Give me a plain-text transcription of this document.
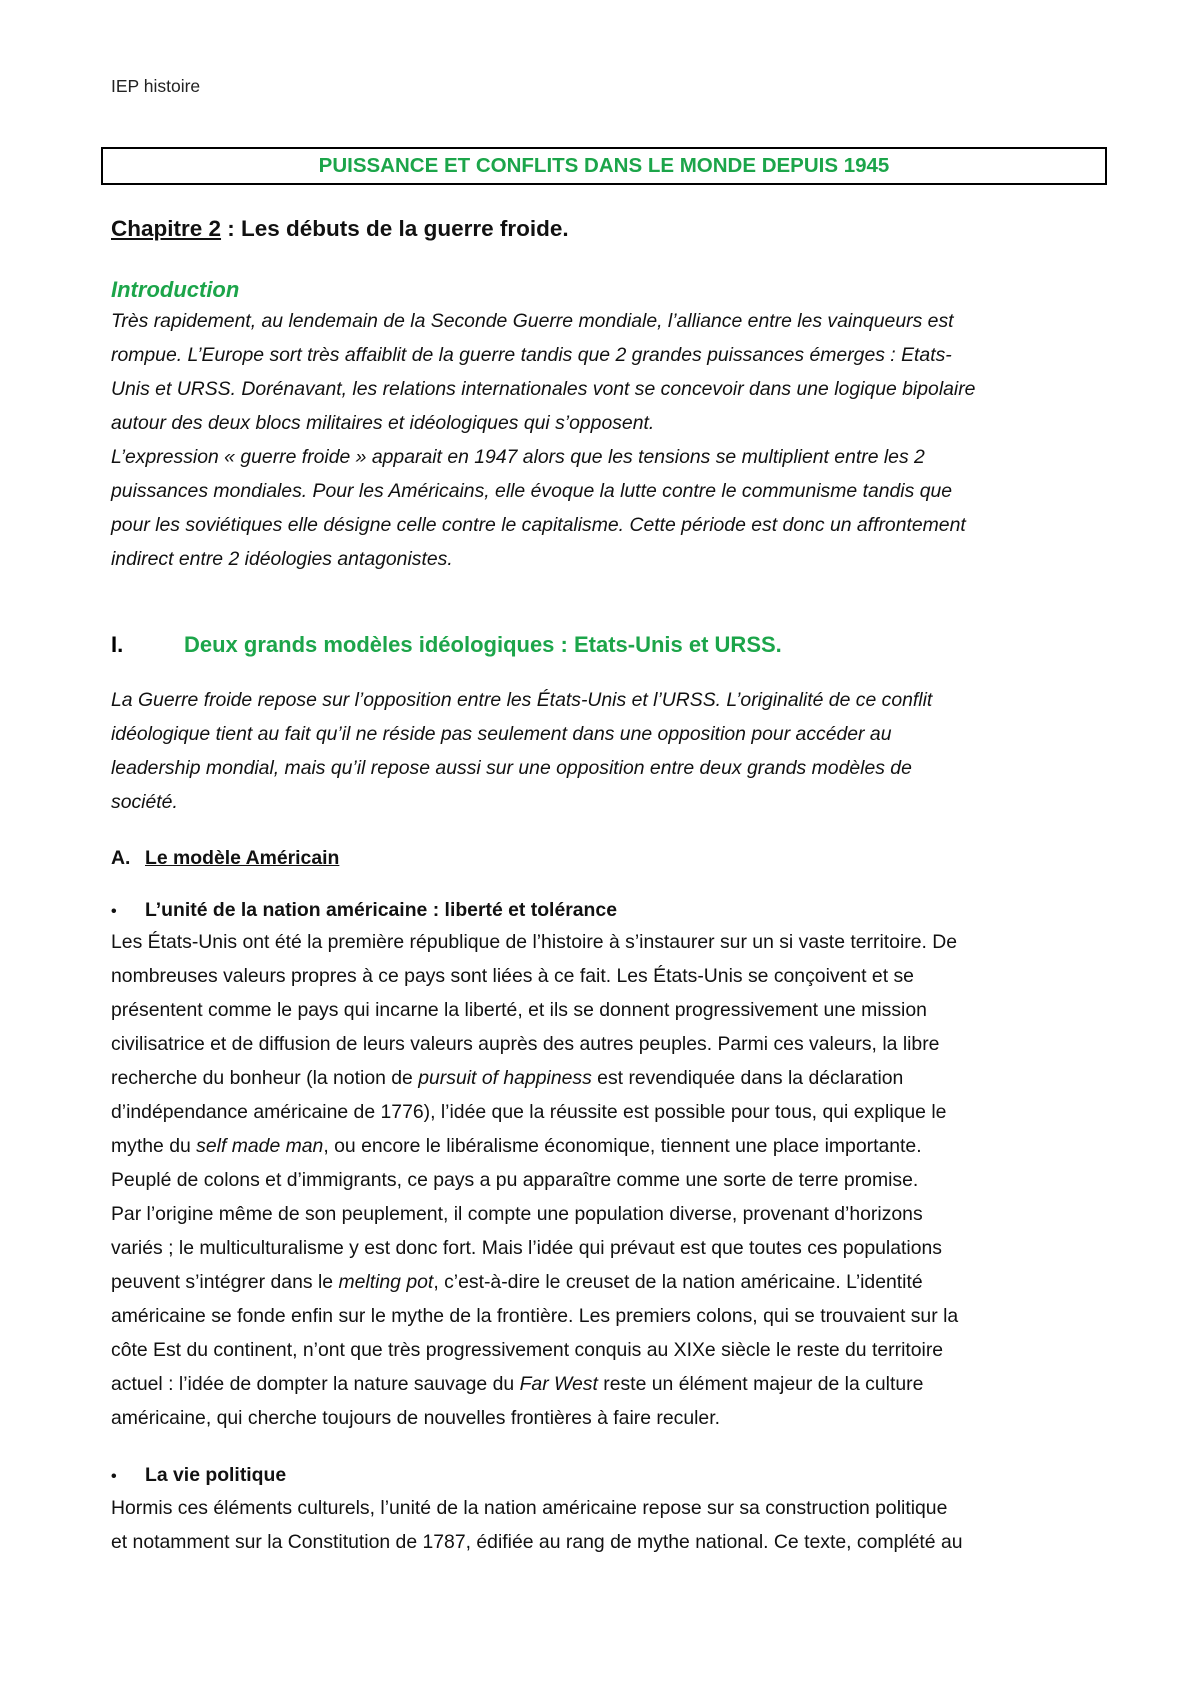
IEP histoire
PUISSANCE ET CONFLITS DANS LE MONDE DEPUIS 1945
Chapitre 2 : Les débuts de la guerre froide.
Introduction
Très rapidement, au lendemain de la Seconde Guerre mondiale, l’alliance entre les vainqueurs est
rompue. L’Europe sort très affaiblit de la guerre tandis que 2 grandes puissances émerges : Etats-
Unis et URSS. Dorénavant, les relations internationales vont se concevoir dans une logique bipolaire
autour des deux blocs militaires et idéologiques qui s’opposent.
L’expression « guerre froide » apparait en 1947 alors que les tensions se multiplient entre les 2
puissances mondiales. Pour les Américains, elle évoque la lutte contre le communisme tandis que
pour les soviétiques elle désigne celle contre le capitalisme. Cette période est donc un affrontement
indirect entre 2 idéologies antagonistes.
I.	Deux grands modèles idéologiques : Etats-Unis et URSS.
La Guerre froide repose sur l’opposition entre les États-Unis et l’URSS. L’originalité de ce conflit
idéologique tient au fait qu’il ne réside pas seulement dans une opposition pour accéder au
leadership mondial, mais qu’il repose aussi sur une opposition entre deux grands modèles de
société.
A. Le modèle Américain
• L’unité de la nation américaine : liberté et tolérance
Les États-Unis ont été la première république de l’histoire à s’instaurer sur un si vaste territoire. De
nombreuses valeurs propres à ce pays sont liées à ce fait. Les États-Unis se conçoivent et se
présentent comme le pays qui incarne la liberté, et ils se donnent progressivement une mission
civilisatrice et de diffusion de leurs valeurs auprès des autres peuples. Parmi ces valeurs, la libre
recherche du bonheur (la notion de pursuit of happiness est revendiquée dans la déclaration
d’indépendance américaine de 1776), l’idée que la réussite est possible pour tous, qui explique le
mythe du self made man, ou encore le libéralisme économique, tiennent une place importante.
Peuplé de colons et d’immigrants, ce pays a pu apparaître comme une sorte de terre promise.
Par l’origine même de son peuplement, il compte une population diverse, provenant d’horizons
variés ; le multiculturalisme y est donc fort. Mais l’idée qui prévaut est que toutes ces populations
peuvent s’intégrer dans le melting pot, c’est-à-dire le creuset de la nation américaine. L’identité
américaine se fonde enfin sur le mythe de la frontière. Les premiers colons, qui se trouvaient sur la
côte Est du continent, n’ont que très progressivement conquis au XIXe siècle le reste du territoire
actuel : l’idée de dompter la nature sauvage du Far West reste un élément majeur de la culture
américaine, qui cherche toujours de nouvelles frontières à faire reculer.
• La vie politique
Hormis ces éléments culturels, l’unité de la nation américaine repose sur sa construction politique
et notamment sur la Constitution de 1787, édifiée au rang de mythe national. Ce texte, complété au
